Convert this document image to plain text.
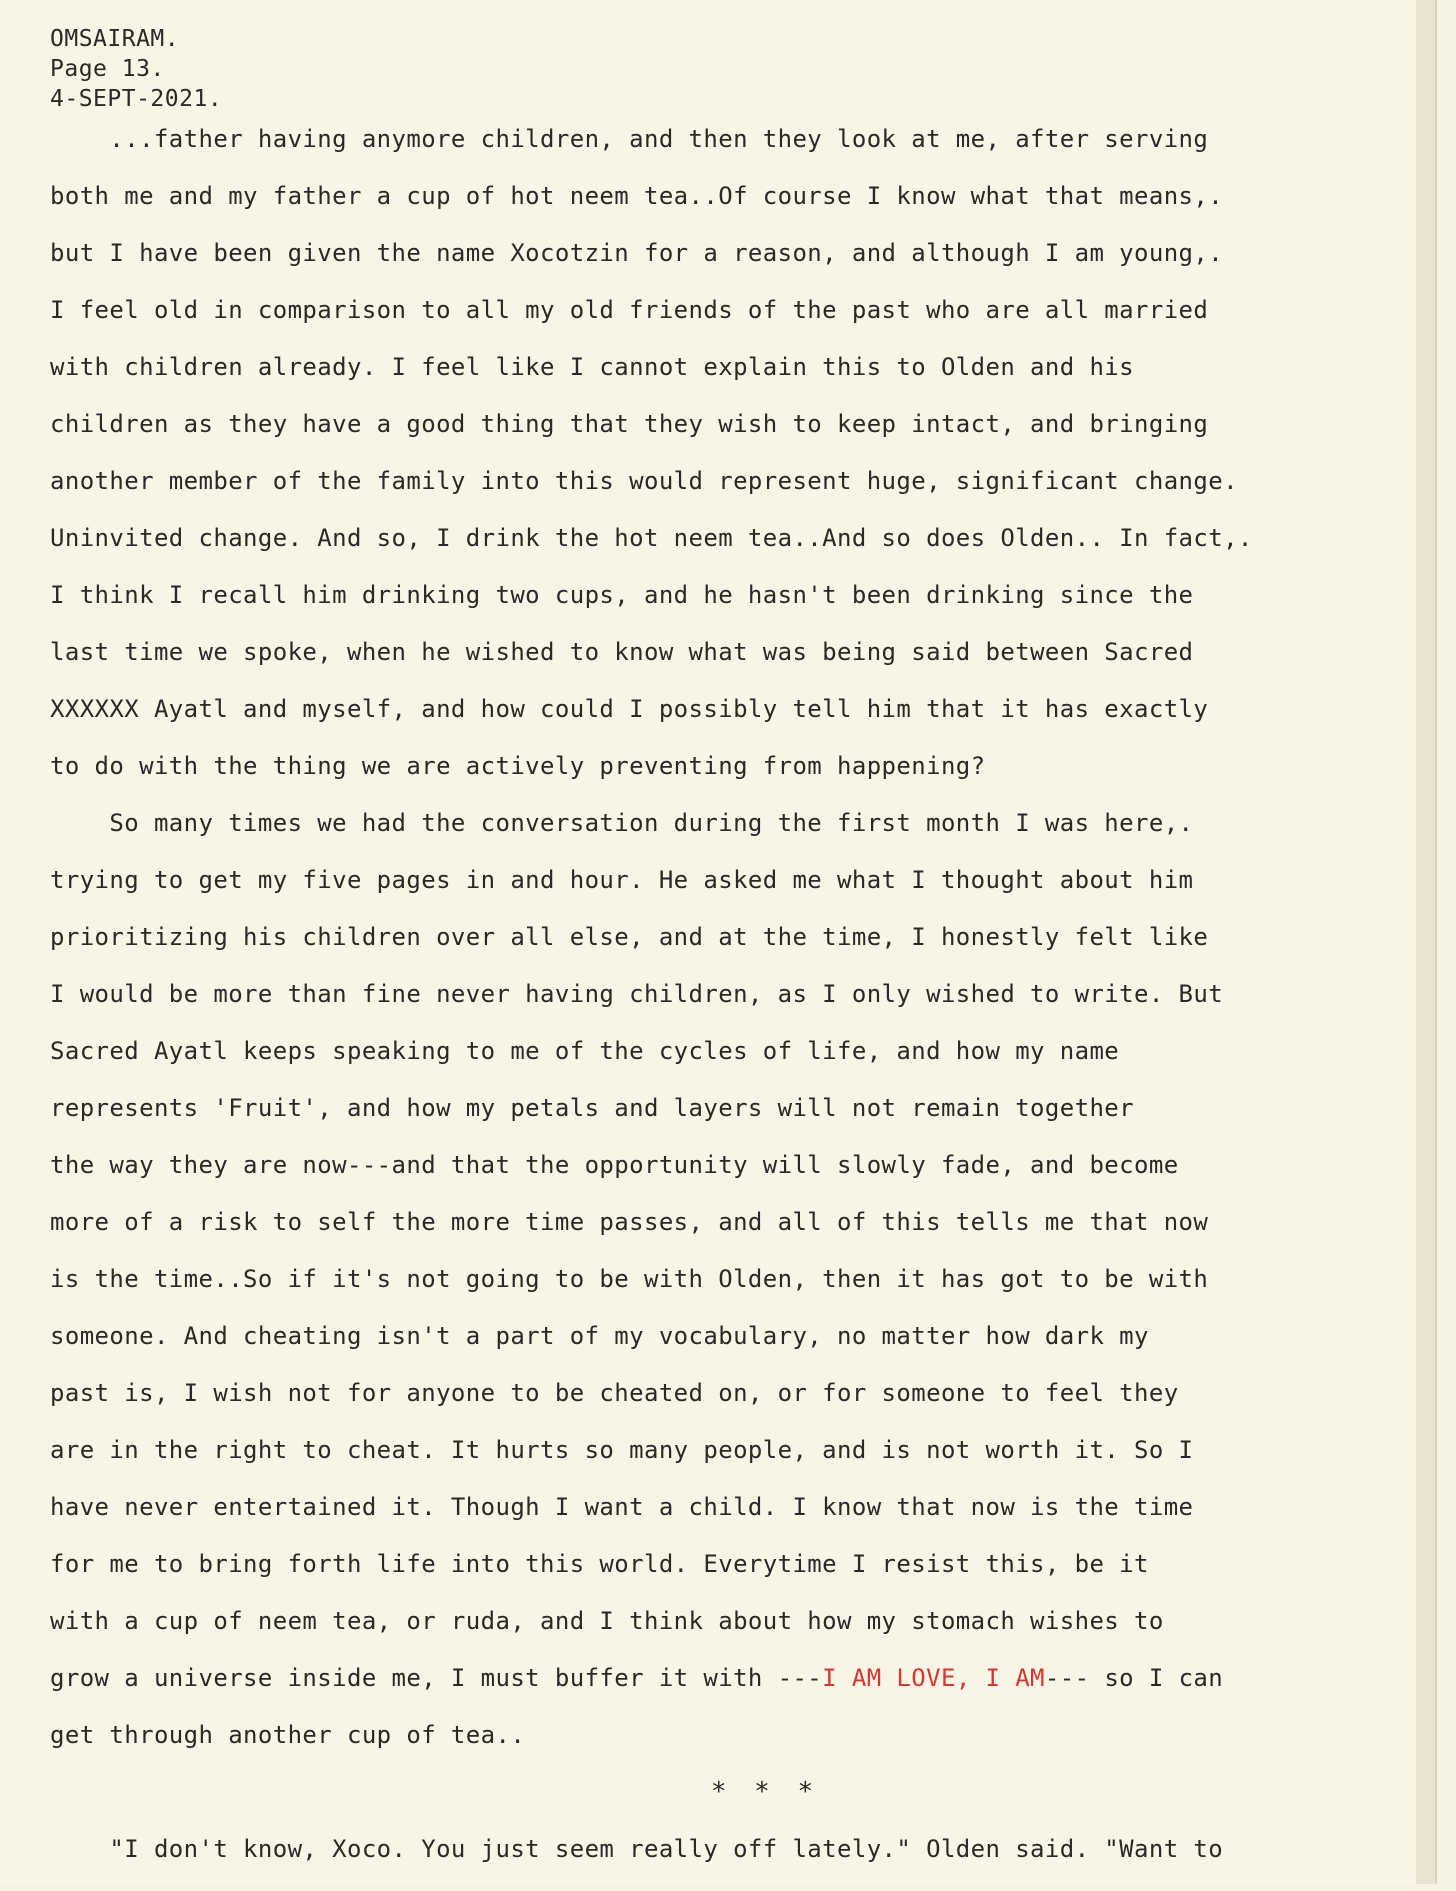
OMSAIRAM.
Page 13.
4-SEPT-2021.
...father having anymore children, and then they look at me, after serving
both me and my father a cup of hot neem tea..Of course I know what that means,.
but I have been given the name Xocotzin for a reason, and although I am young,.
I feel old in comparison to all my old friends of the past who are all married
with children already. I feel like I cannot explain this to Olden and his
children as they have a good thing that they wish to keep intact, and bringing
another member of the family into this would represent huge, significant change.
Uninvited change. And so, I drink the hot neem tea..And so does Olden.. In fact,.
I think I recall him drinking two cups, and he hasn't been drinking since the
last time we spoke, when he wished to know what was being said between Sacred
XXXXXX Ayatl and myself, and how could I possibly tell him that it has exactly
to do with the thing we are actively preventing from happening?
So many times we had the conversation during the first month I was here,.
trying to get my five pages in and hour. He asked me what I thought about him
prioritizing his children over all else, and at the time, I honestly felt like
I would be more than fine never having children, as I only wished to write. But
Sacred Ayatl keeps speaking to me of the cycles of life, and how my name
represents 'Fruit', and how my petals and layers will not remain together
the way they are now---and that the opportunity will slowly fade, and become
more of a risk to self the more time passes, and all of this tells me that now
is the time..So if it's not going to be with Olden, then it has got to be with
someone. And cheating isn't a part of my vocabulary, no matter how dark my
past is, I wish not for anyone to be cheated on, or for someone to feel they
are in the right to cheat. It hurts so many people, and is not worth it. So I
have never entertained it. Though I want a child. I know that now is the time
for me to bring forth life into this world. Everytime I resist this, be it
with a cup of neem tea, or ruda, and I think about how my stomach wishes to
grow a universe inside me, I must buffer it with ---I AM LOVE, I AM--- so I can
get through another cup of tea..
* * *
"I don't know, Xoco. You just seem really off lately." Olden said. "Want to
